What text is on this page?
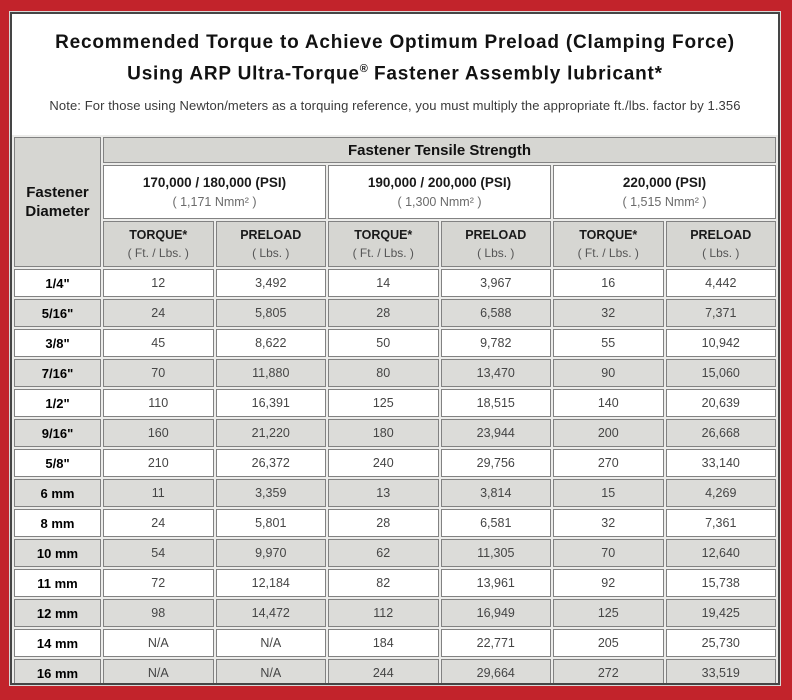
Recommended Torque to Achieve Optimum Preload (Clamping Force)
Using ARP Ultra-Torque® Fastener Assembly lubricant*
Note: For those using Newton/meters as a torquing reference, you must multiply the appropriate ft./lbs. factor by 1.356
Fastener
Diameter	Fastener Tensile Strength					

	170,000 / 180,000 (PSI)
( 1,171 Nmm² )		190,000 / 200,000 (PSI)
( 1,300 Nmm² )		220,000 (PSI)
( 1,515 Nmm² )	

	TORQUE*
( Ft. / Lbs. )	PRELOAD
( Lbs. )	TORQUE*
( Ft. / Lbs. )	PRELOAD
( Lbs. )	TORQUE*
( Ft. / Lbs. )	PRELOAD
( Lbs. )

1/4"	12	3,492	14	3,967	16	4,442
5/16"	24	5,805	28	6,588	32	7,371
3/8"	45	8,622	50	9,782	55	10,942
7/16"	70	11,880	80	13,470	90	15,060
1/2"	110	16,391	125	18,515	140	20,639
9/16"	160	21,220	180	23,944	200	26,668
5/8"	210	26,372	240	29,756	270	33,140
6 mm	11	3,359	13	3,814	15	4,269
8 mm	24	5,801	28	6,581	32	7,361
10 mm	54	9,970	62	11,305	70	12,640
11 mm	72	12,184	82	13,961	92	15,738
12 mm	98	14,472	112	16,949	125	19,425
14 mm	N/A	N/A	184	22,771	205	25,730
16 mm	N/A	N/A	244	29,664	272	33,519
